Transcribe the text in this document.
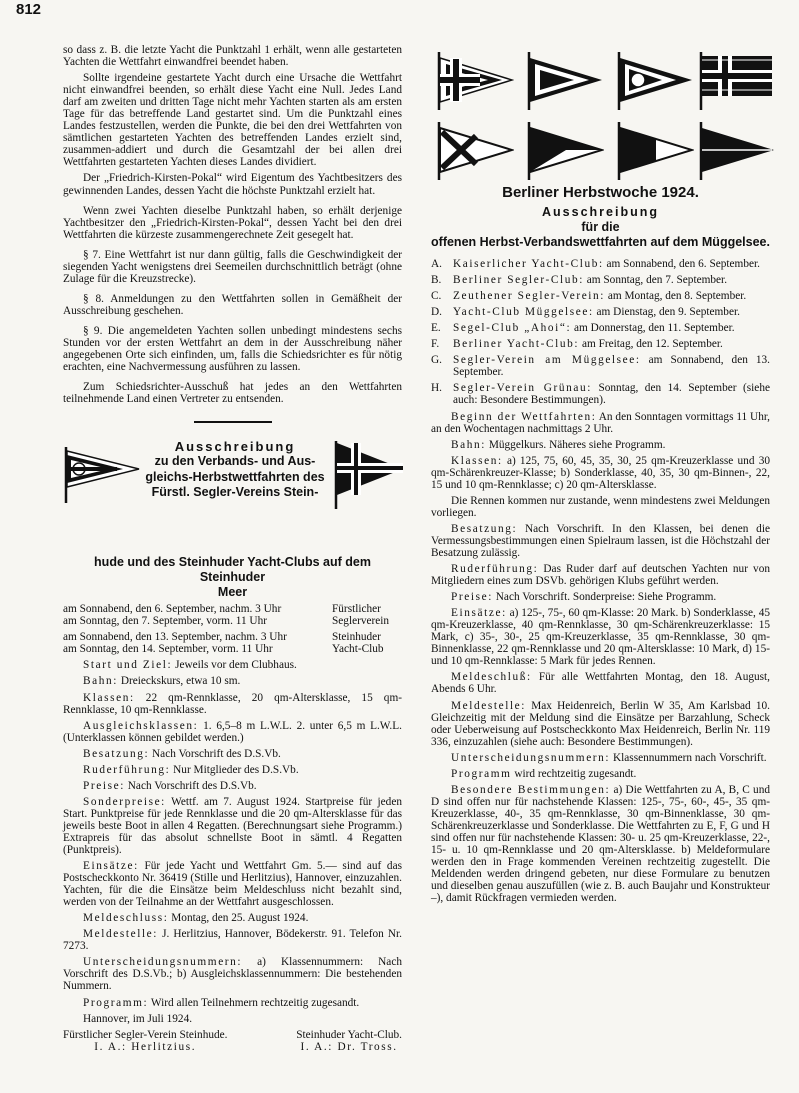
812

so dass z. B. die letzte Yacht die Punktzahl 1 erhält, wenn alle gestarteten Yachten die Wettfahrt einwandfrei beendet haben.

Sollte irgendeine gestartete Yacht durch eine Ursache die Wettfahrt nicht einwandfrei beenden, so erhält diese Yacht eine Null. Jedes Land darf am zweiten und dritten Tage nicht mehr Yachten starten als am ersten Tage für das betreffende Land gestartet sind. Um die Punktzahl eines Landes festzustellen, werden die Punkte, die bei den drei Wettfahrten von sämtlichen gestarteten Yachten des betreffenden Landes erzielt sind, zusammen-addiert und durch die Gesamtzahl der bei allen drei Wettfahrten gestarteten Yachten dieses Landes dividiert.

Der „Friedrich-Kirsten-Pokal“ wird Eigentum des Yachtbesitzers des gewinnenden Landes, dessen Yacht die höchste Punktzahl erzielt hat.

Wenn zwei Yachten dieselbe Punktzahl haben, so erhält derjenige Yachtbesitzer den „Friedrich-Kirsten-Pokal“, dessen Yacht bei den drei Wettfahrten die kürzeste zusammengerechnete Zeit gesegelt hat.

§ 7. Eine Wettfahrt ist nur dann gültig, falls die Geschwindigkeit der siegenden Yacht wenigstens drei Seemeilen durchschnittlich beträgt (ohne Zulage für die Kreuzstrecke).

§ 8. Anmeldungen zu den Wettfahrten sollen in Gemäßheit der Ausschreibung geschehen.

§ 9. Die angemeldeten Yachten sollen unbedingt mindestens sechs Stunden vor der ersten Wettfahrt an dem in der Ausschreibung näher angegebenen Orte sich einfinden, um, falls die Schiedsrichter es für nötig erachten, eine Nachvermessung ausführen zu lassen.

Zum Schiedsrichter-Ausschuß hat jedes an den Wettfahrten teilnehmende Land einen Vertreter zu entsenden.

Ausschreibung
zu den Verbands- und Aus-
gleichs-Herbstwettfahrten des
Fürstl. Segler-Vereins Stein-
hude und des Steinhuder Yacht-Clubs auf dem Steinhuder
Meer
am Sonnabend, den 6. September, nachm. 3 Uhr	Fürstlicher
am Sonntag, den 7. September, vorm. 11 Uhr	Seglerverein
am Sonnabend, den 13. September, nachm. 3 Uhr	Steinhuder
am Sonntag, den 14. September, vorm. 11 Uhr	Yacht-Club

Start und Ziel: Jeweils vor dem Clubhaus.

Bahn: Dreieckskurs, etwa 10 sm.

Klassen: 22 qm-Rennklasse, 20 qm-Altersklasse, 15 qm-Rennklasse, 10 qm-Rennklasse.

Ausgleichsklassen: 1. 6,5–8 m L.W.L. 2. unter 6,5 m L.W.L. (Unterklassen können gebildet werden.)

Besatzung: Nach Vorschrift des D.S.Vb.

Ruderführung: Nur Mitglieder des D.S.Vb.

Preise: Nach Vorschrift des D.S.Vb.

Sonderpreise: Wettf. am 7. August 1924. Startpreise für jeden Start. Punktpreise für jede Rennklasse und die 20 qm-Altersklasse für das jeweils beste Boot in allen 4 Regatten. (Berechnungsart siehe Programm.) Extrapreis für das absolut schnellste Boot in sämtl. 4 Regatten (Punktpreis).

Einsätze: Für jede Yacht und Wettfahrt Gm. 5.— sind auf das Postscheckkonto Nr. 36419 (Stille und Herlitzius), Hannover, einzuzahlen. Yachten, für die die Einsätze beim Meldeschluss nicht bezahlt sind, werden von der Teilnahme an der Wettfahrt ausgeschlossen.

Meldeschluss: Montag, den 25. August 1924.

Meldestelle: J. Herlitzius, Hannover, Bödekerstr. 91. Telefon Nr. 7273.

Unterscheidungsnummern: a) Klassennummern: Nach Vorschrift des D.S.Vb.; b) Ausgleichsklassennummern: Die bestehenden Nummern.

Programm: Wird allen Teilnehmern rechtzeitig zugesandt.

Hannover, im Juli 1924.

Fürstlicher Segler-Verein Steinhude.
I. A.: Herlitzius.
Steinhuder Yacht-Club.
I. A.: Dr. Tross.
Berliner Herbstwoche 1924.
Ausschreibung
für die
offenen Herbst-Verbandswettfahrten auf dem Müggelsee.

A. Kaiserlicher Yacht-Club: am Sonnabend, den 6. September.

B. Berliner Segler-Club: am Sonntag, den 7. September.

C. Zeuthener Segler-Verein: am Montag, den 8. September.

D. Yacht-Club Müggelsee: am Dienstag, den 9. September.

E. Segel-Club „Ahoi“: am Donnerstag, den 11. September.

F. Berliner Yacht-Club: am Freitag, den 12. September.

G. Segler-Verein am Müggelsee: am Sonnabend, den 13. September.

H. Segler-Verein Grünau: Sonntag, den 14. September (siehe auch: Besondere Bestimmungen).

Beginn der Wettfahrten: An den Sonntagen vormittags 11 Uhr, an den Wochentagen nachmittags 2 Uhr.

Bahn: Müggelkurs. Näheres siehe Programm.

Klassen: a) 125, 75, 60, 45, 35, 30, 25 qm-Kreuzerklasse und 30 qm-Schärenkreuzer-Klasse; b) Sonderklasse, 40, 35, 30 qm-Binnen-, 22, 15 und 10 qm-Rennklasse; c) 20 qm-Altersklasse.

Die Rennen kommen nur zustande, wenn mindestens zwei Meldungen vorliegen.

Besatzung: Nach Vorschrift. In den Klassen, bei denen die Vermessungsbestimmungen einen Spielraum lassen, ist die Höchstzahl der Besatzung zulässig.

Ruderführung: Das Ruder darf auf deutschen Yachten nur von Mitgliedern eines zum DSVb. gehörigen Klubs geführt werden.

Preise: Nach Vorschrift. Sonderpreise: Siehe Programm.

Einsätze: a) 125-, 75-, 60 qm-Klasse: 20 Mark. b) Sonderklasse, 45 qm-Kreuzerklasse, 40 qm-Rennklasse, 30 qm-Schärenkreuzerklasse: 15 Mark, c) 35-, 30-, 25 qm-Kreuzerklasse, 35 qm-Rennklasse, 30 qm-Binnenklasse, 22 qm-Rennklasse und 20 qm-Altersklasse: 10 Mark, d) 15- und 10 qm-Rennklasse: 5 Mark für jedes Rennen.

Meldeschluß: Für alle Wettfahrten Montag, den 18. August, Abends 6 Uhr.

Meldestelle: Max Heidenreich, Berlin W 35, Am Karlsbad 10. Gleichzeitig mit der Meldung sind die Einsätze per Barzahlung, Scheck oder Ueberweisung auf Postscheckkonto Max Heidenreich, Berlin Nr. 119 336, einzuzahlen (siehe auch: Besondere Bestimmungen).

Unterscheidungsnummern: Klassennummern nach Vorschrift.

Programm wird rechtzeitig zugesandt.

Besondere Bestimmungen: a) Die Wettfahrten zu A, B, C und D sind offen nur für nachstehende Klassen: 125-, 75-, 60-, 45-, 35 qm-Kreuzerklasse, 40-, 35 qm-Rennklasse, 30 qm-Binnenklasse, 30 qm-Schärenkreuzerklasse und Sonderklasse. Die Wettfahrten zu E, F, G und H sind offen nur für nachstehende Klassen: 30- u. 25 qm-Kreuzerklasse, 22-, 15- u. 10 qm-Rennklasse und 20 qm-Altersklasse. b) Meldeformulare werden den in Frage kommenden Vereinen rechtzeitig zugestellt. Die Meldenden werden dringend gebeten, nur diese Formulare zu benutzen und dieselben genau auszufüllen (wie z. B. auch Baujahr und Konstrukteur –), damit Rückfragen vermieden werden.
